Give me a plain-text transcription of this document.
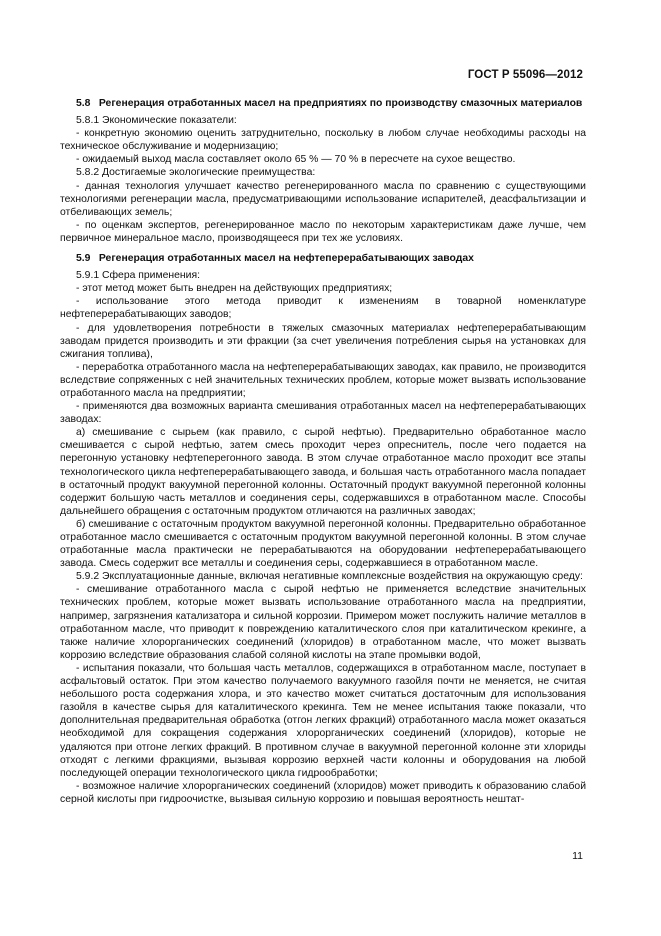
ГОСТ Р 55096—2012

5.8 Регенерация отработанных масел на предприятиях по производству смазочных материалов

5.8.1 Экономические показатели:

- конкретную экономию оценить затруднительно, поскольку в любом случае необходимы расходы на техническое обслуживание и модернизацию;

- ожидаемый выход масла составляет около 65 % — 70 % в пересчете на сухое вещество.

5.8.2 Достигаемые экологические преимущества:

- данная технология улучшает качество регенерированного масла по сравнению с существующими технологиями регенерации масла, предусматривающими использование испарителей, деасфальтизации и отбеливающих земель;

- по оценкам экспертов, регенерированное масло по некоторым характеристикам даже лучше, чем первичное минеральное масло, производящееся при тех же условиях.

5.9 Регенерация отработанных масел на нефтеперерабатывающих заводах

5.9.1 Сфера применения:

- этот метод может быть внедрен на действующих предприятиях;

- использование этого метода приводит к изменениям в товарной номенклатуре нефтеперерабатывающих заводов;

- для удовлетворения потребности в тяжелых смазочных материалах нефтеперерабатывающим заводам придется производить и эти фракции (за счет увеличения потребления сырья на установках для сжигания топлива),

- переработка отработанного масла на нефтеперерабатывающих заводах, как правило, не производится вследствие сопряженных с ней значительных технических проблем, которые может вызвать использование отработанного масла на предприятии;

- применяются два возможных варианта смешивания отработанных масел на нефтеперерабатывающих заводах:

а) смешивание с сырьем (как правило, с сырой нефтью). Предварительно обработанное масло смешивается с сырой нефтью, затем смесь проходит через опреснитель, после чего подается на перегонную установку нефтеперегонного завода. В этом случае отработанное масло проходит все этапы технологического цикла нефтеперерабатывающего завода, и большая часть отработанного масла попадает в остаточный продукт вакуумной перегонной колонны. Остаточный продукт вакуумной перегонной колонны содержит большую часть металлов и соединения серы, содержавшихся в отработанном масле. Способы дальнейшего обращения с остаточным продуктом отличаются на различных заводах;

б) смешивание с остаточным продуктом вакуумной перегонной колонны. Предварительно обработанное отработанное масло смешивается с остаточным продуктом вакуумной перегонной колонны. В этом случае отработанные масла практически не перерабатываются на оборудовании нефтеперерабатывающего завода. Смесь содержит все металлы и соединения серы, содержавшиеся в отработанном масле.

5.9.2 Эксплуатационные данные, включая негативные комплексные воздействия на окружающую среду:

- смешивание отработанного масла с сырой нефтью не применяется вследствие значительных технических проблем, которые может вызвать использование отработанного масла на предприятии, например, загрязнения катализатора и сильной коррозии. Примером может послужить наличие металлов в отработанном масле, что приводит к повреждению каталитического слоя при каталитическом крекинге, а также наличие хлорорганических соединений (хлоридов) в отработанном масле, что может вызвать коррозию вследствие образования слабой соляной кислоты на этапе промывки водой,

- испытания показали, что большая часть металлов, содержащихся в отработанном масле, поступает в асфальтовый остаток. При этом качество получаемого вакуумного газойля почти не меняется, не считая небольшого роста содержания хлора, и это качество может считаться достаточным для использования газойля в качестве сырья для каталитического крекинга. Тем не менее испытания также показали, что дополнительная предварительная обработка (отгон легких фракций) отработанного масла может оказаться необходимой для сокращения содержания хлорорганических соединений (хлоридов), которые не удаляются при отгоне легких фракций. В противном случае в вакуумной перегонной колонне эти хлориды отходят с легкими фракциями, вызывая коррозию верхней части колонны и оборудования на любой последующей операции технологического цикла гидрообработки;

- возможное наличие хлорорганических соединений (хлоридов) может приводить к образованию слабой серной кислоты при гидроочистке, вызывая сильную коррозию и повышая вероятность нештат-

11
